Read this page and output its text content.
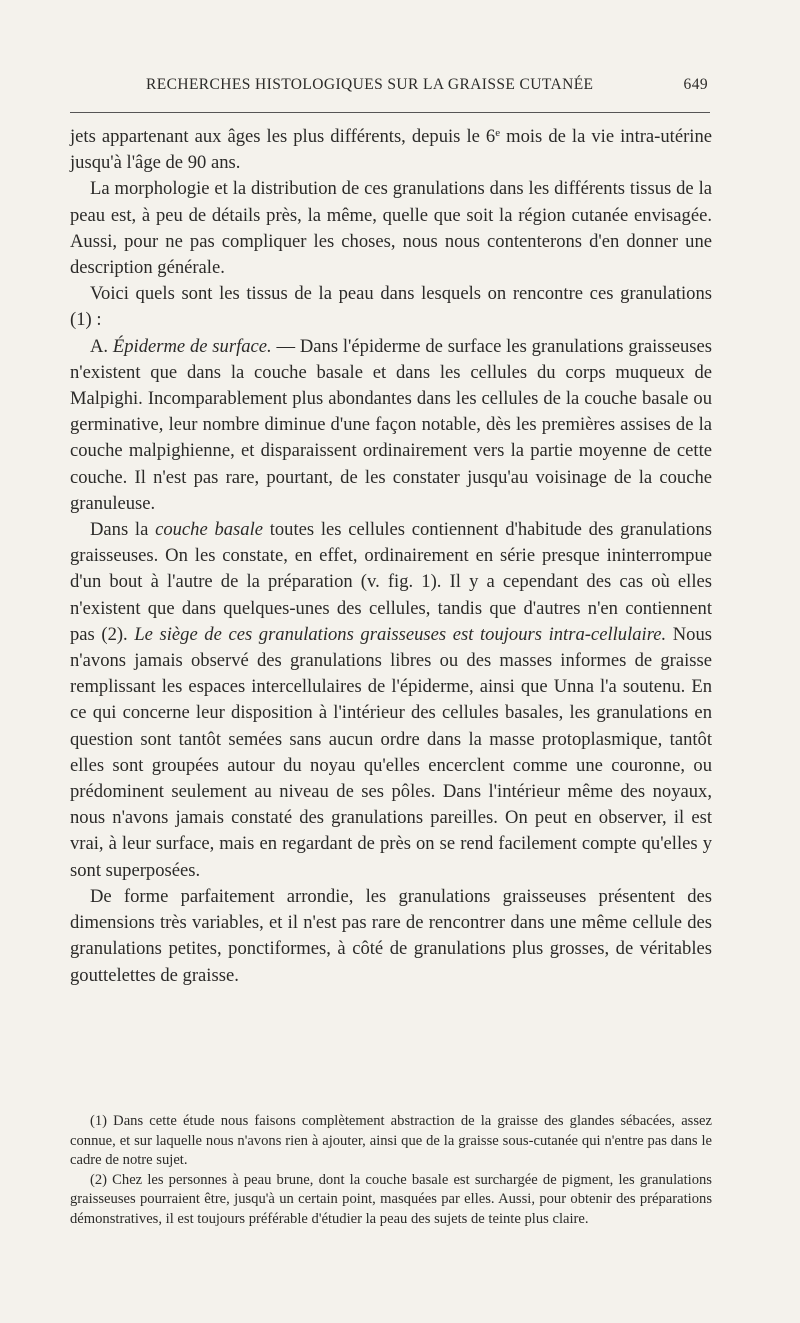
RECHERCHES HISTOLOGIQUES SUR LA GRAISSE CUTANÉE	649

jets appartenant aux âges les plus différents, depuis le 6e mois de la vie intra-utérine jusqu'à l'âge de 90 ans.

La morphologie et la distribution de ces granulations dans les différents tissus de la peau est, à peu de détails près, la même, quelle que soit la région cutanée envisagée. Aussi, pour ne pas compliquer les choses, nous nous contenterons d'en donner une description générale.

Voici quels sont les tissus de la peau dans lesquels on rencontre ces granulations (1) :

A. Épiderme de surface. — Dans l'épiderme de surface les granulations graisseuses n'existent que dans la couche basale et dans les cellules du corps muqueux de Malpighi. Incomparablement plus abondantes dans les cellules de la couche basale ou germinative, leur nombre diminue d'une façon notable, dès les premières assises de la couche malpighienne, et disparaissent ordinairement vers la partie moyenne de cette couche. Il n'est pas rare, pourtant, de les constater jusqu'au voisinage de la couche granuleuse.

Dans la couche basale toutes les cellules contiennent d'habitude des granulations graisseuses. On les constate, en effet, ordinairement en série presque ininterrompue d'un bout à l'autre de la préparation (v. fig. 1). Il y a cependant des cas où elles n'existent que dans quelques-unes des cellules, tandis que d'autres n'en contiennent pas (2). Le siège de ces granulations graisseuses est toujours intra-cellulaire. Nous n'avons jamais observé des granulations libres ou des masses informes de graisse remplissant les espaces intercellulaires de l'épiderme, ainsi que Unna l'a soutenu. En ce qui concerne leur disposition à l'intérieur des cellules basales, les granulations en question sont tantôt semées sans aucun ordre dans la masse protoplasmique, tantôt elles sont groupées autour du noyau qu'elles encerclent comme une couronne, ou prédominent seulement au niveau de ses pôles. Dans l'intérieur même des noyaux, nous n'avons jamais constaté des granulations pareilles. On peut en observer, il est vrai, à leur surface, mais en regardant de près on se rend facilement compte qu'elles y sont superposées.

De forme parfaitement arrondie, les granulations graisseuses présentent des dimensions très variables, et il n'est pas rare de rencontrer dans une même cellule des granulations petites, ponctiformes, à côté de granulations plus grosses, de véritables gouttelettes de graisse.

(1) Dans cette étude nous faisons complètement abstraction de la graisse des glandes sébacées, assez connue, et sur laquelle nous n'avons rien à ajouter, ainsi que de la graisse sous-cutanée qui n'entre pas dans le cadre de notre sujet.

(2) Chez les personnes à peau brune, dont la couche basale est surchargée de pigment, les granulations graisseuses pourraient être, jusqu'à un certain point, masquées par elles. Aussi, pour obtenir des préparations démonstratives, il est toujours préférable d'étudier la peau des sujets de teinte plus claire.
